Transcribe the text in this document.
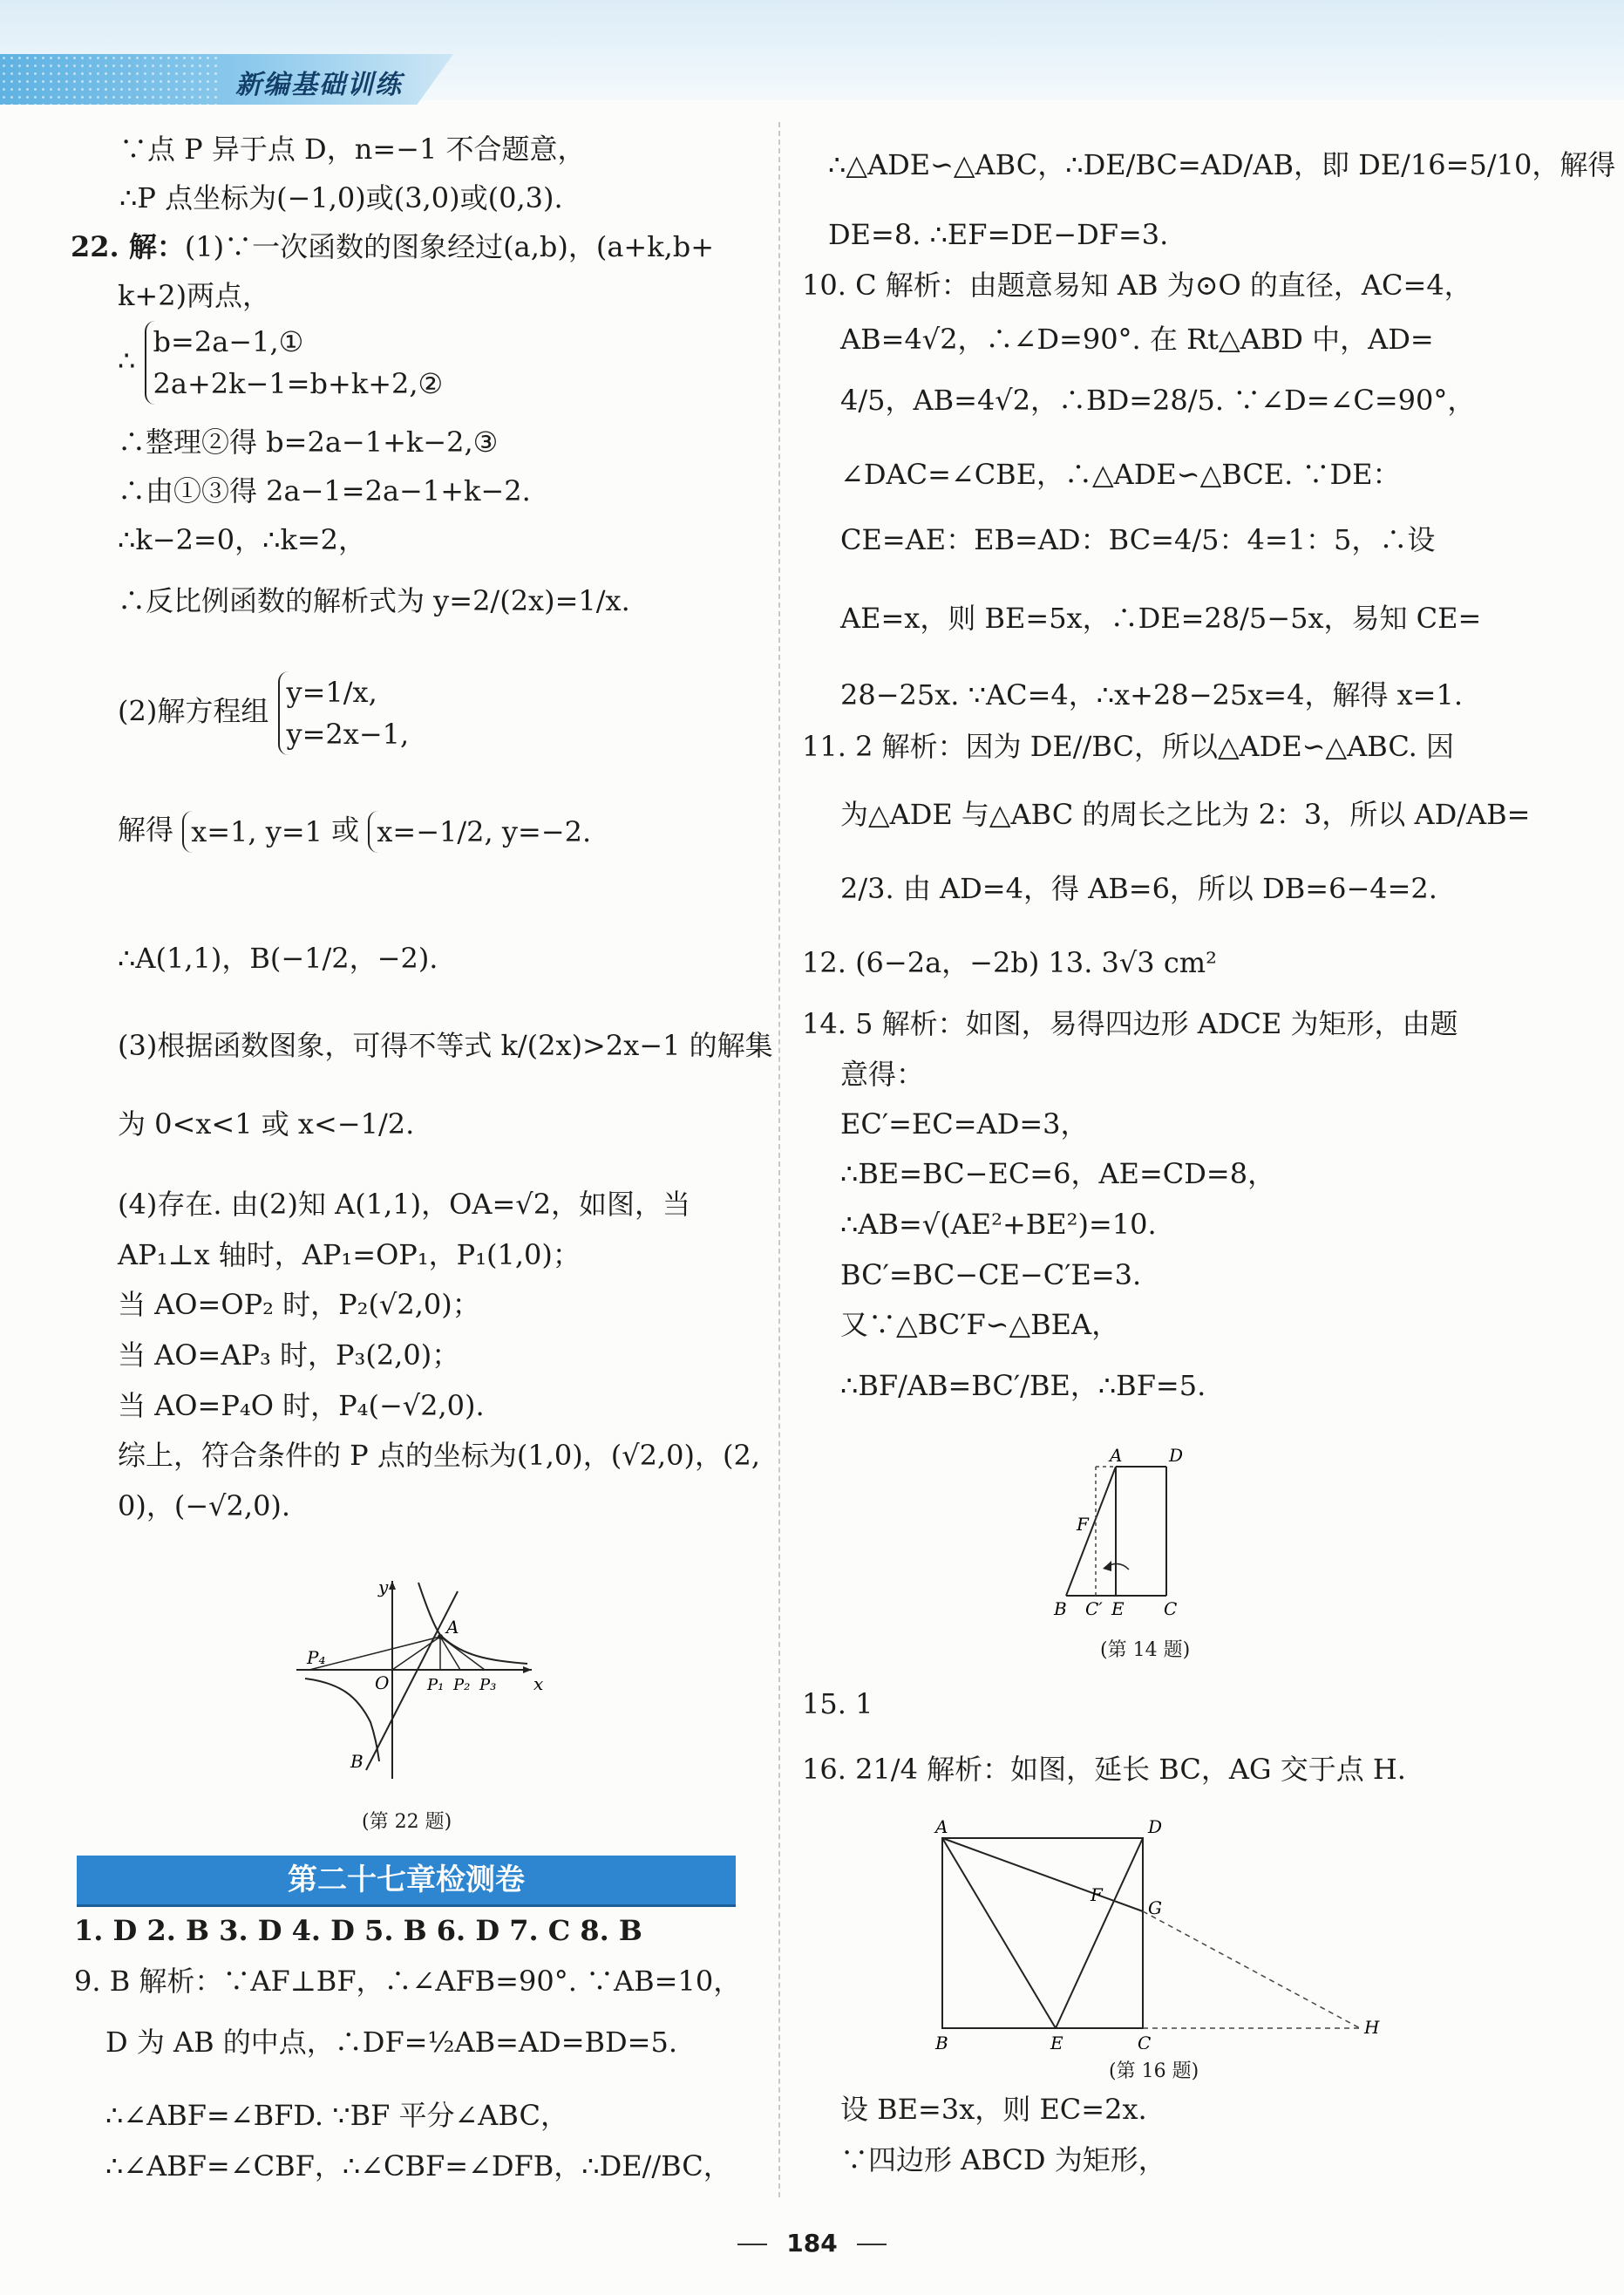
新编基础训练
∵点 P 异于点 D，n=−1 不合题意，
∴P 点坐标为(−1,0)或(3,0)或(0,3).
22. 解：(1)∵一次函数的图象经过(a,b)，(a+k,b+
k+2)两点，
∴
b=2a−1,①
2a+2k−1=b+k+2,②
∴整理②得 b=2a−1+k−2,③
∴由①③得 2a−1=2a−1+k−2.
∴k−2=0，∴k=2，
∴反比例函数的解析式为 y=2/(2x)=1/x.
(2)解方程组
y=1/x,
y=2x−1,
解得 x=1, y=1 或 x=−1/2, y=−2.
∴A(1,1)，B(−1/2，−2).
(3)根据函数图象，可得不等式 k/(2x)>2x−1 的解集
为 0<x<1 或 x<−1/2.
(4)存在. 由(2)知 A(1,1)，OA=√2，如图，当
AP₁⊥x 轴时，AP₁=OP₁，P₁(1,0)；
当 AO=OP₂ 时，P₂(√2,0)；
当 AO=AP₃ 时，P₃(2,0)；
当 AO=P₄O 时，P₄(−√2,0).
综上，符合条件的 P 点的坐标为(1,0)，(√2,0)，(2,
0)，(−√2,0).
y
x
O
A
B
P₄
P₁ P₂ P₃
(第 22 题)
第二十七章检测卷
1. D 2. B 3. D 4. D 5. B 6. D 7. C 8. B
9. B 解析：∵AF⊥BF，∴∠AFB=90°. ∵AB=10，
D 为 AB 的中点，∴DF=½AB=AD=BD=5.
∴∠ABF=∠BFD. ∵BF 平分∠ABC，
∴∠ABF=∠CBF，∴∠CBF=∠DFB，∴DE//BC，
∴△ADE∽△ABC，∴DE/BC=AD/AB，即 DE/16=5/10，解得
DE=8. ∴EF=DE−DF=3.
10. C 解析：由题意易知 AB 为⊙O 的直径，AC=4，
AB=4√2，∴∠D=90°. 在 Rt△ABD 中，AD=
4/5，AB=4√2，∴BD=28/5. ∵∠D=∠C=90°，
∠DAC=∠CBE，∴△ADE∽△BCE. ∵DE：
CE=AE：EB=AD：BC=4/5：4=1：5，∴设
AE=x，则 BE=5x，∴DE=28/5−5x，易知 CE=
28−25x. ∵AC=4，∴x+28−25x=4，解得 x=1.
11. 2 解析：因为 DE//BC，所以△ADE∽△ABC. 因
为△ADE 与△ABC 的周长之比为 2：3，所以 AD/AB=
2/3. 由 AD=4，得 AB=6，所以 DB=6−4=2.
12. (6−2a，−2b) 13. 3√3 cm²
14. 5 解析：如图，易得四边形 ADCE 为矩形，由题
意得：
EC′=EC=AD=3，
∴BE=BC−EC=6，AE=CD=8，
∴AB=√(AE²+BE²)=10.
BC′=BC−CE−C′E=3.
又∵△BC′F∽△BEA，
∴BF/AB=BC′/BE，∴BF=5.
15. 1
16. 21/4 解析：如图，延长 BC，AG 交于点 H.
设 BE=3x，则 EC=2x.
∵四边形 ABCD 为矩形，
A	D
F
B C′ E C
(第 14 题)
A	D
F
G
B	E	C
H
(第 16 题)
184
